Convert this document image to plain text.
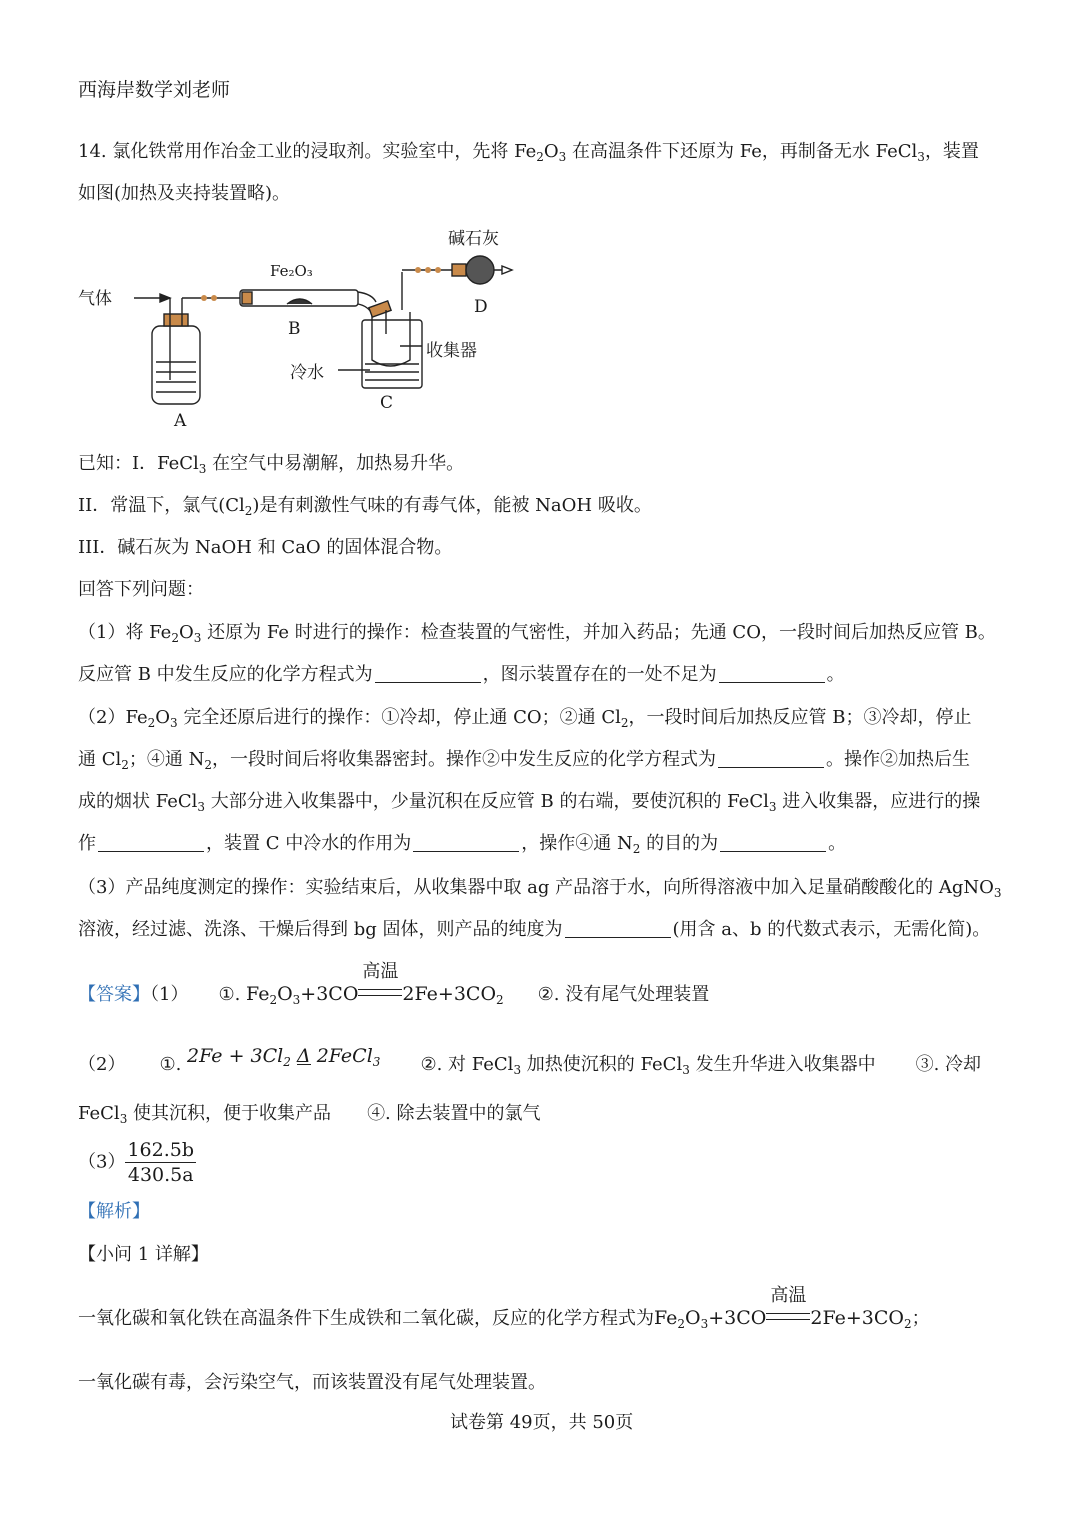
西海岸数学刘老师
14. 氯化铁常用作冶金工业的浸取剂。实验室中，先将 $Fe_2O_3$ 在高温条件下还原为 Fe，再制备无水 FeCl$_3$，装置
如图(加热及夹持装置略)。
气体
Fe₂O₃
B
碱石灰
D
收集器
冷水
C
A
已知：I．FeCl$_3$ 在空气中易潮解，加热易升华。
II．常温下，氯气$(Cl_2)$是有刺激性气味的有毒气体，能被 NaOH 吸收。
III．碱石灰为 NaOH 和 CaO 的固体混合物。
回答下列问题：
（1）将 $Fe_2O_3$ 还原为 Fe 时进行的操作：检查装置的气密性，并加入药品；先通 CO，一段时间后加热反应管 B。
反应管 B 中发生反应的化学方程式为	，图示装置存在的一处不足为	。
$(2)Fe_2O_3$ 完全还原后进行的操作：①冷却，停止通 CO；②通 $Cl_2$，一段时间后加热反应管 B；③冷却，停止
通 $Cl_2$；④通 $N_2$，一段时间后将收集器密封。操作②中发生反应的化学方程式为	。操作②加热后生
成的烟状 FeCl$_3$ 大部分进入收集器中，少量沉积在反应管 B 的右端，要使沉积的 FeCl$_3$ 进入收集器，应进行的操
作	，装置 C 中冷水的作用为	，操作④通 $N_2$ 的目的为	。
（3）产品纯度测定的操作：实验结束后，从收集器中取 ag 产品溶于水，向所得溶液中加入足量硝酸酸化的 AgNO$_3$
溶液，经过滤、洗涤、干燥后得到 bg 固体，则产品的纯度为	(用含 a、b 的代数式表示，无需化简)。
【答案】（1） ①. $Fe_2O_3+3CO$
高温
$2Fe+3CO_2$ ②. 没有尾气处理装置
（2） ①. $2Fe + 3Cl_2$ Δ 2FeCl$_3$ ②. 对 FeCl$_3$ 加热使沉积的 FeCl$_3$ 发生升华进入收集器中 ③. 冷却
FeCl$_3$ 使其沉积，便于收集产品 ④. 除去装置中的氯气
$(3) \frac{162.5b}{430.5a}$
【解析】
【小问 1 详解】
一氧化碳和氧化铁在高温条件下生成铁和二氧化碳，反应的化学方程式为$Fe_2O_3+3CO$
高温
$2Fe+3CO_2$；
一氧化碳有毒，会污染空气，而该装置没有尾气处理装置。
试卷第 49页，共 50页
